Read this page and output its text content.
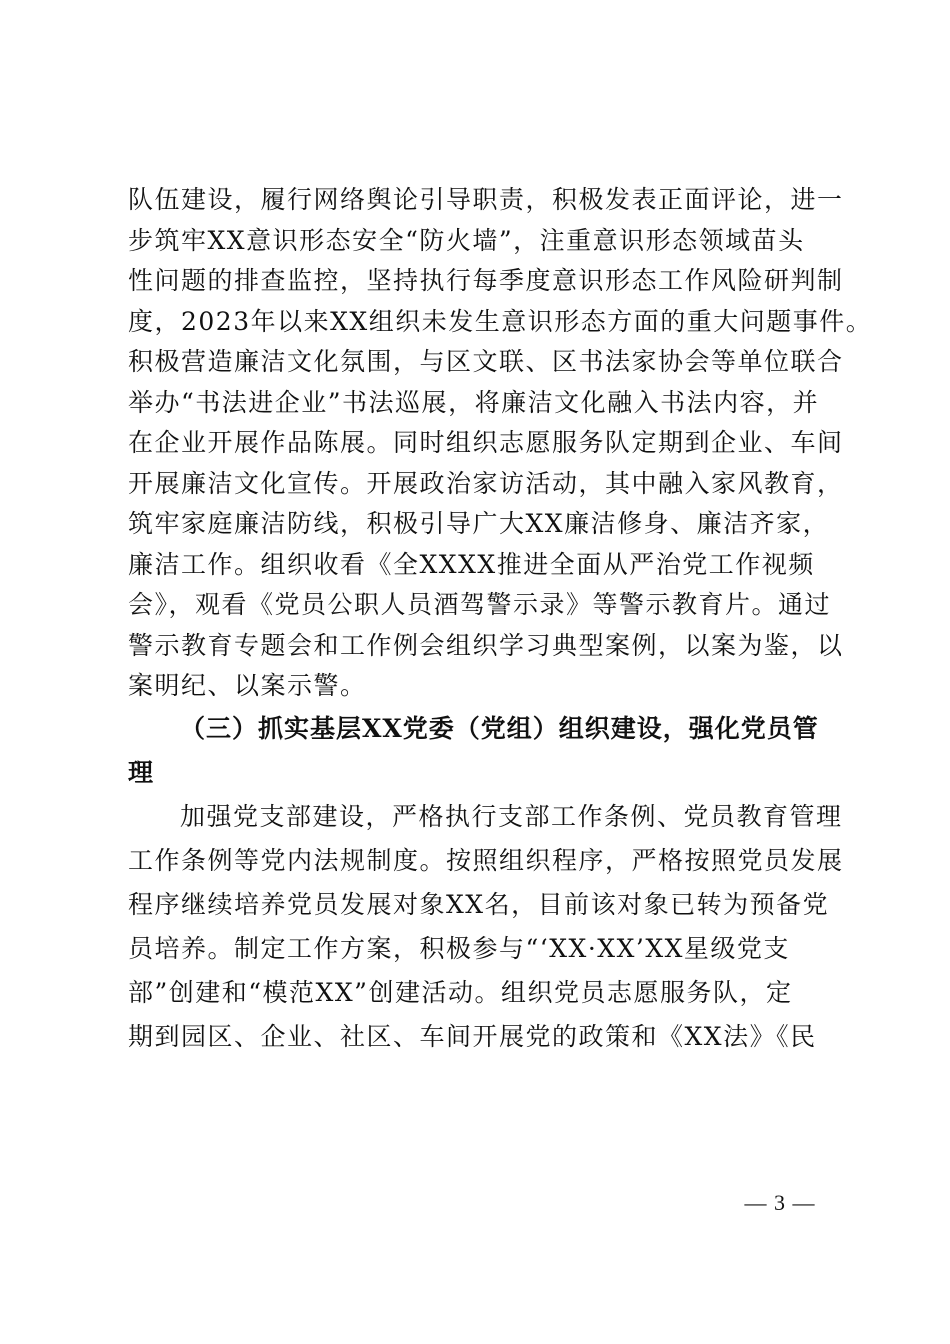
队伍建设，履行网络舆论引导职责，积极发表正面评论，进一
步筑牢XX意识形态安全“防火墙”，注重意识形态领域苗头
性问题的排查监控，坚持执行每季度意识形态工作风险研判制
度，2023年以来XX组织未发生意识形态方面的重大问题事件。
积极营造廉洁文化氛围，与区文联、区书法家协会等单位联合
举办“书法进企业”书法巡展，将廉洁文化融入书法内容，并
在企业开展作品陈展。同时组织志愿服务队定期到企业、车间
开展廉洁文化宣传。开展政治家访活动，其中融入家风教育，
筑牢家庭廉洁防线，积极引导广大XX廉洁修身、廉洁齐家，
廉洁工作。组织收看《全XXXX推进全面从严治党工作视频
会》，观看《党员公职人员酒驾警示录》等警示教育片。通过
警示教育专题会和工作例会组织学习典型案例，以案为鉴，以
案明纪、以案示警。
（三）抓实基层XX党委（党组）组织建设，强化党员管
理
加强党支部建设，严格执行支部工作条例、党员教育管理
工作条例等党内法规制度。按照组织程序，严格按照党员发展
程序继续培养党员发展对象XX名，目前该对象已转为预备党
员培养。制定工作方案，积极参与“‘XX·XX’XX星级党支
部”创建和“模范XX”创建活动。组织党员志愿服务队，定
期到园区、企业、社区、车间开展党的政策和《XX法》《民
— 3 —
